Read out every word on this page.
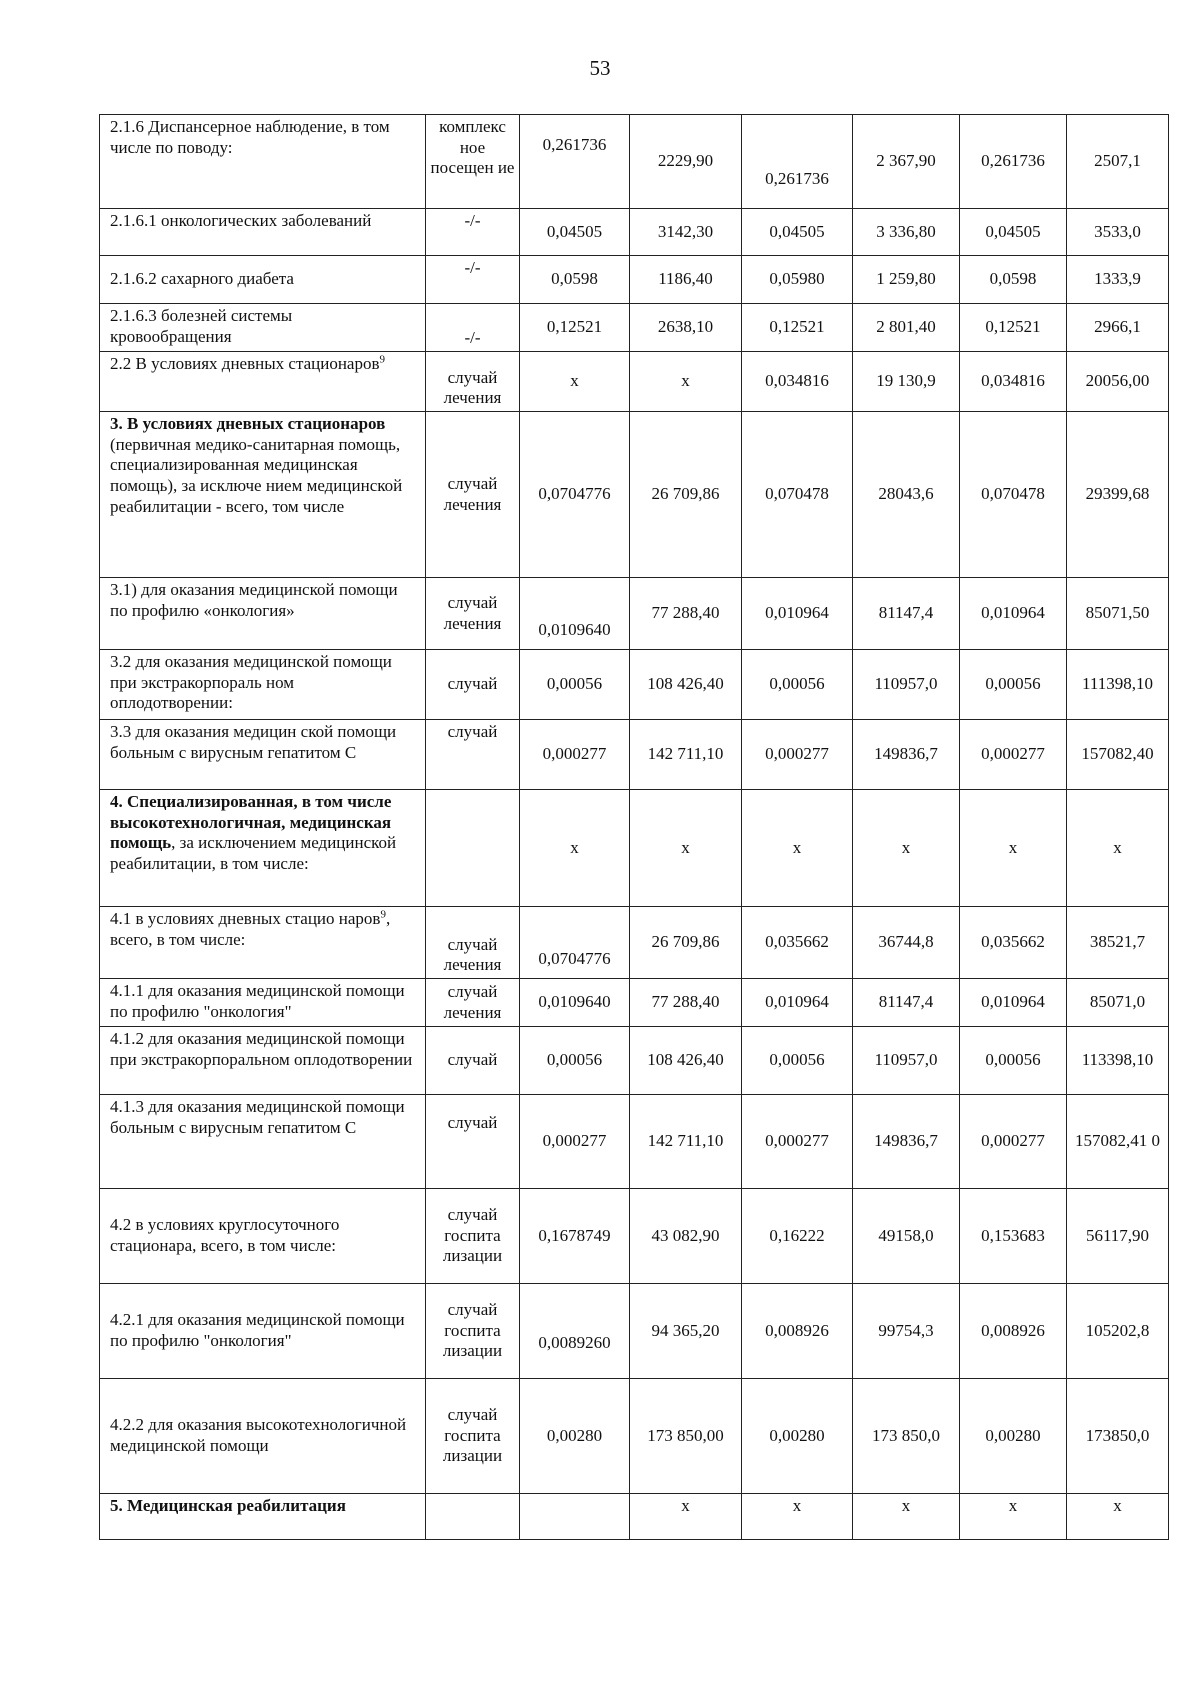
53
2.1.6 Диспансерное наблюдение, в том числе по поводу:	комплекс ное посещен ие	0,261736	2229,90	0,261736	2 367,90	0,261736	2507,1
2.1.6.1 онкологических заболеваний	-/-	0,04505	3142,30	0,04505	3 336,80	0,04505	3533,0
2.1.6.2 сахарного диабета	-/-	0,0598	1186,40	0,05980	1 259,80	0,0598	1333,9
2.1.6.3 болезней системы кровообращения	-/-	0,12521	2638,10	0,12521	2 801,40	0,12521	2966,1
2.2 В условиях дневных стационаров$^9$	случай лечения	х	х	0,034816	19 130,9	0,034816	20056,00
3. В условиях дневных стационаров (первичная медико-санитарная помощь, специализированная медицинская помощь), за исключе нием медицинской реабилитации - всего, том числе	случай лечения	0,0704776	26 709,86	0,070478	28043,6	0,070478	29399,68
3.1) для оказания медицинской помощи по профилю «онкология»	случай лечения	0,0109640	77 288,40	0,010964	81147,4	0,010964	85071,50
3.2 для оказания медицинской помощи при экстракорпораль ном оплодотворении:	случай	0,00056	108 426,40	0,00056	110957,0	0,00056	111398,10
3.3 для оказания медицин ской помощи больным с вирусным гепатитом С	случай	0,000277	142 711,10	0,000277	149836,7	0,000277	157082,40
4. Специализированная, в том числе высокотехнологичная, медицинская помощь, за исключением медицинской реабилитации, в том числе:		х	х	х	х	х	х
4.1 в условиях дневных стацио наров$^9$, всего, в том числе:	случай лечения	0,0704776	26 709,86	0,035662	36744,8	0,035662	38521,7
4.1.1 для оказания медицинской помощи по профилю "онкология"	случай лечения	0,0109640	77 288,40	0,010964	81147,4	0,010964	85071,0
4.1.2 для оказания медицинской помощи при экстракорпоральном оплодотворении	случай	0,00056	108 426,40	0,00056	110957,0	0,00056	113398,10
4.1.3 для оказания медицинской помощи больным с вирусным гепатитом С	случай	0,000277	142 711,10	0,000277	149836,7	0,000277	157082,41 0
4.2 в условиях круглосуточного стационара, всего, в том числе:	случай госпита лизации	0,1678749	43 082,90	0,16222	49158,0	0,153683	56117,90
4.2.1 для оказания медицинской помощи по профилю "онкология"	случай госпита лизации	0,0089260	94 365,20	0,008926	99754,3	0,008926	105202,8
4.2.2 для оказания высокотехнологичной медицинской помощи	случай госпита лизации	0,00280	173 850,00	0,00280	173 850,0	0,00280	173850,0
5. Медицинская реабилитация			х	х	х	х	х
